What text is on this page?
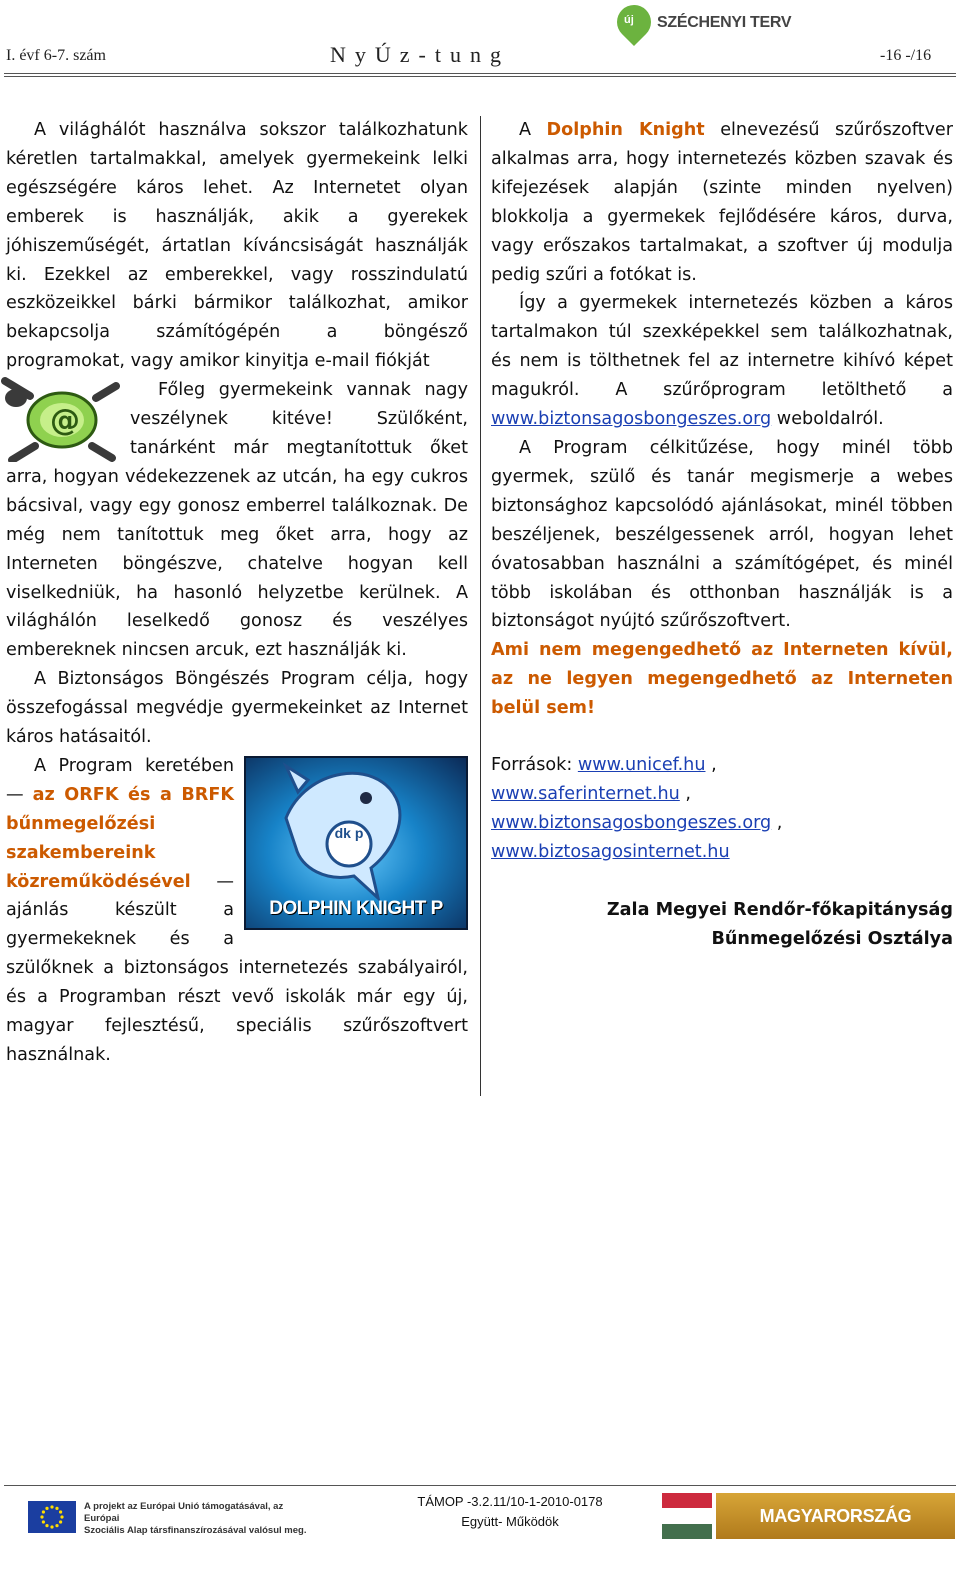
I. évf 6-7. szám	NyÚz-tung	-16 -/16
új SZÉCHENYI TERV

A világhálót használva sokszor találkozhatunk kéretlen tartalmakkal, amelyek gyermekeink lelki egészségére káros lehet. Az Internetet olyan emberek is használják, akik a gyerekek jóhiszeműségét, ártatlan kíváncsiságát használják ki. Ezekkel az emberekkel, vagy rosszindulatú eszközeikkel bárki bármikor találkozhat, amikor bekapcsolja számítógépén a böngésző programokat, vagy amikor kinyitja e-mail fiókját

@

Főleg gyermekeink vannak nagy veszélynek kitéve! Szülőként, tanárként már megtanítottuk őket arra, hogyan védekezzenek az utcán, ha egy cukros bácsival, vagy egy gonosz emberrel találkoznak. De még nem tanítottuk meg őket arra, hogy az Interneten böngészve, chatelve hogyan kell viselkedniük, ha hasonló helyzetbe kerülnek. A világhálón leselkedő gonosz és veszélyes embereknek nincsen arcuk, ezt használják ki.

A Biztonságos Böngészés Program célja, hogy összefogással megvédje gyermekeinket az Internet káros hatásaitól.

dk p
DOLPHIN KNIGHT P

A Program keretében — az ORFK és a BRFK bűnmegelőzési szakembereink közreműködésével — ajánlás készült a gyermekeknek és a szülőknek a biztonságos internetezés szabályairól, és a Programban részt vevő iskolák már egy új, magyar fejlesztésű, speciális szűrőszoftvert használnak.

A Dolphin Knight elnevezésű szűrőszoftver alkalmas arra, hogy internetezés közben szavak és kifejezések alapján (szinte minden nyelven) blokkolja a gyermekek fejlődésére káros, durva, vagy erőszakos tartalmakat, a szoftver új modulja pedig szűri a fotókat is.

Így a gyermekek internetezés közben a káros tartalmakon túl szexképekkel sem találkozhatnak, és nem is tölthetnek fel az internetre kihívó képet magukról. A szűrőprogram letölthető a www.biztonsagosbongeszes.org weboldalról.

A Program célkitűzése, hogy minél több gyermek, szülő és tanár megismerje a webes biztonsághoz kapcsolódó ajánlásokat, minél többen beszéljenek, beszélgessenek arról, hogyan lehet óvatosabban használni a számítógépet, és minél több iskolában és otthonban használják is a biztonságot nyújtó szűrőszoftvert.

Ami nem megengedhető az Interneten kívül, az ne legyen megengedhető az Interneten belül sem!

Források: www.unicef.hu ,

www.saferinternet.hu ,

www.biztonsagosbongeszes.org ,

www.biztosagosinternet.hu

Zala Megyei Rendőr-főkapitányság
Bűnmegelőzési Osztálya
A projekt az Európai Unió támogatásával, az Európai
Szociális Alap társfinanszírozásával valósul meg.
TÁMOP -3.2.11/10-1-2010-0178
Együtt- Működök	MAGYARORSZÁG MEGÚJUL
